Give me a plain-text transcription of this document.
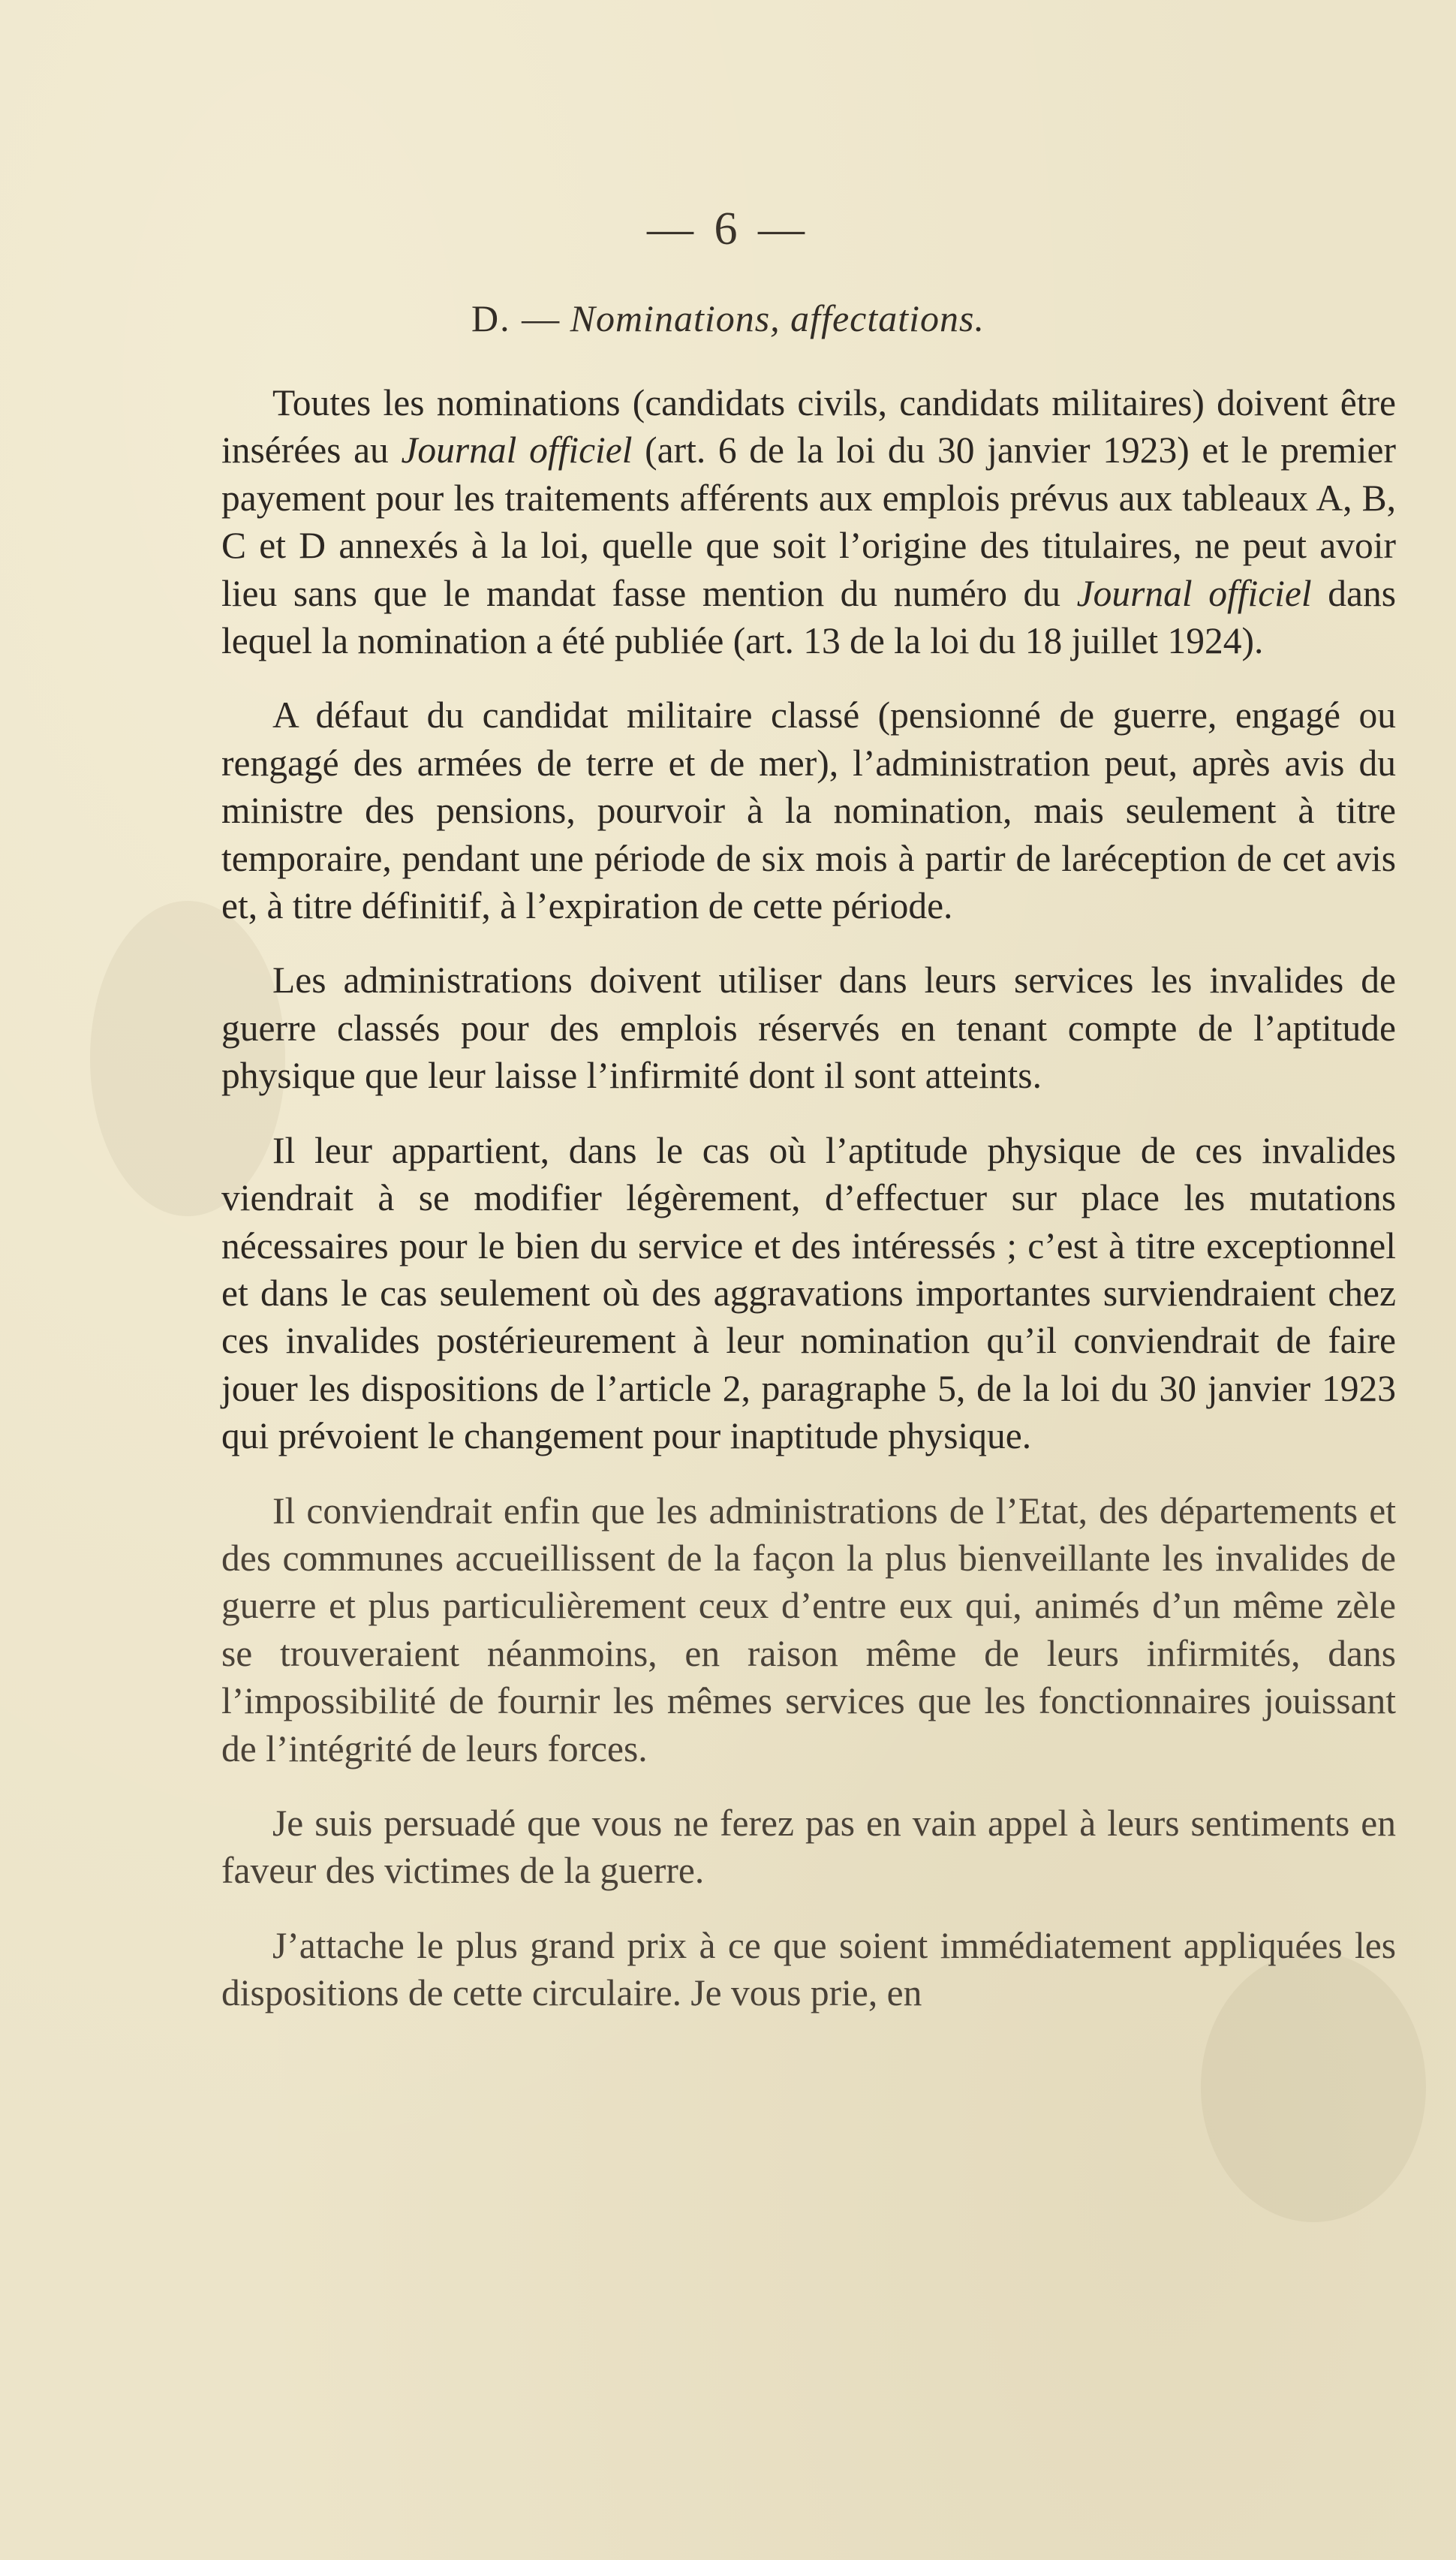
— 6 —
D. — Nominations, affectations.

Toutes les nominations (candidats civils, candidats militaires) doivent être insérées au Journal officiel (art. 6 de la loi du 30 janvier 1923) et le premier payement pour les traitements afférents aux emplois prévus aux tableaux A, B, C et D annexés à la loi, quelle que soit l’origine des titulaires, ne peut avoir lieu sans que le mandat fasse mention du numéro du Journal officiel dans lequel la nomination a été publiée (art. 13 de la loi du 18 juillet 1924).

A défaut du candidat militaire classé (pensionné de guerre, engagé ou rengagé des armées de terre et de mer), l’administration peut, après avis du ministre des pensions, pourvoir à la nomination, mais seulement à titre temporaire, pendant une période de six mois à partir de laréception de cet avis et, à titre définitif, à l’expiration de cette période.

Les administrations doivent utiliser dans leurs services les invalides de guerre classés pour des emplois réservés en tenant compte de l’aptitude physique que leur laisse l’infirmité dont il sont atteints.

Il leur appartient, dans le cas où l’aptitude physique de ces invalides viendrait à se modifier légèrement, d’effectuer sur place les mutations nécessaires pour le bien du service et des intéressés ; c’est à titre exceptionnel et dans le cas seulement où des aggravations importantes surviendraient chez ces invalides postérieurement à leur nomination qu’il conviendrait de faire jouer les dispositions de l’article 2, paragraphe 5, de la loi du 30 janvier 1923 qui prévoient le changement pour inaptitude physique.

Il conviendrait enfin que les administrations de l’Etat, des départements et des communes accueillissent de la façon la plus bienveillante les invalides de guerre et plus particulièrement ceux d’entre eux qui, animés d’un même zèle se trouveraient néanmoins, en raison même de leurs infirmités, dans l’impossibilité de fournir les mêmes services que les fonctionnaires jouissant de l’intégrité de leurs forces.

Je suis persuadé que vous ne ferez pas en vain appel à leurs sentiments en faveur des victimes de la guerre.

J’attache le plus grand prix à ce que soient immédiatement appliquées les dispositions de cette circulaire. Je vous prie, en
